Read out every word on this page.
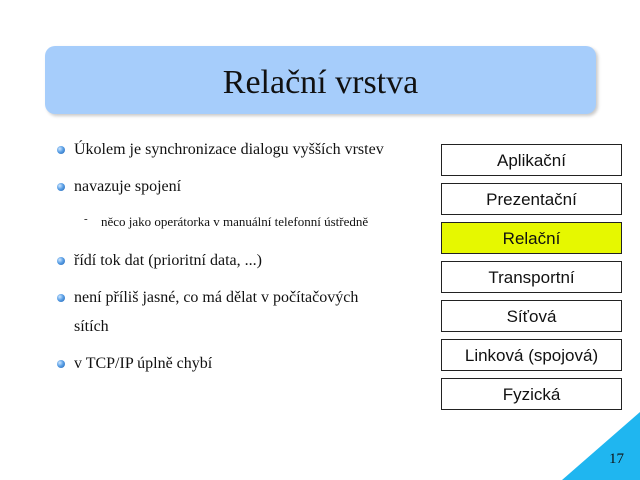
Relační vrstva
Úkolem je synchronizace dialogu vyšších vrstev
navazuje spojení
- něco jako operátorka v manuální telefonní ústředně
řídí tok dat (prioritní data, ...)
není příliš jasné, co má dělat v počítačových
sítích
v TCP/IP úplně chybí
Aplikační
Prezentační
Relační
Transportní
Síťová
Linková (spojová)
Fyzická
17
